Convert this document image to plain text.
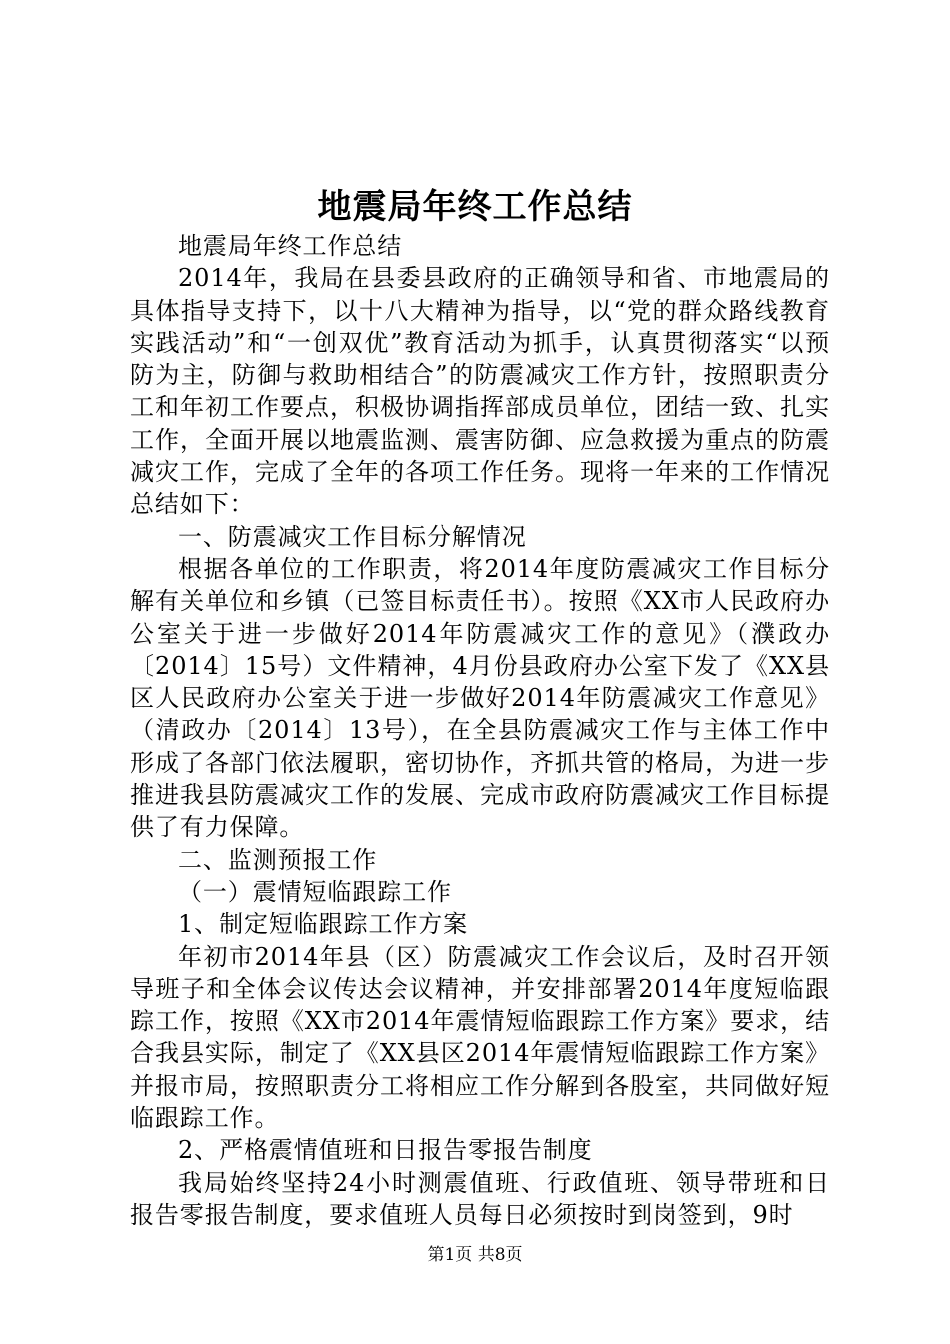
地震局年终工作总结

地震局年终工作总结

2014年，我局在县委县政府的正确领导和省、市地震局的具体指导支持下，以十八大精神为指导，以“党的群众路线教育实践活动”和“一创双优”教育活动为抓手，认真贯彻落实“以预防为主，防御与救助相结合”的防震减灾工作方针，按照职责分工和年初工作要点，积极协调指挥部成员单位，团结一致、扎实工作，全面开展以地震监测、震害防御、应急救援为重点的防震减灾工作，完成了全年的各项工作任务。现将一年来的工作情况总结如下：

一、防震减灾工作目标分解情况

根据各单位的工作职责，将2014年度防震减灾工作目标分解有关单位和乡镇（已签目标责任书）。按照《XX市人民政府办公室关于进一步做好2014年防震减灾工作的意见》（濮政办〔2014〕15号）文件精神，4月份县政府办公室下发了《XX县区人民政府办公室关于进一步做好2014年防震减灾工作意见》（清政办〔2014〕13号），在全县防震减灾工作与主体工作中形成了各部门依法履职，密切协作，齐抓共管的格局，为进一步推进我县防震减灾工作的发展、完成市政府防震减灾工作目标提供了有力保障。

二、监测预报工作

（一）震情短临跟踪工作

1、制定短临跟踪工作方案

年初市2014年县（区）防震减灾工作会议后，及时召开领导班子和全体会议传达会议精神，并安排部署2014年度短临跟踪工作，按照《XX市2014年震情短临跟踪工作方案》要求，结合我县实际，制定了《XX县区2014年震情短临跟踪工作方案》并报市局，按照职责分工将相应工作分解到各股室，共同做好短临跟踪工作。

2、严格震情值班和日报告零报告制度

我局始终坚持24小时测震值班、行政值班、领导带班和日报告零报告制度，要求值班人员每日必须按时到岗签到，9时

第1页 共8页
